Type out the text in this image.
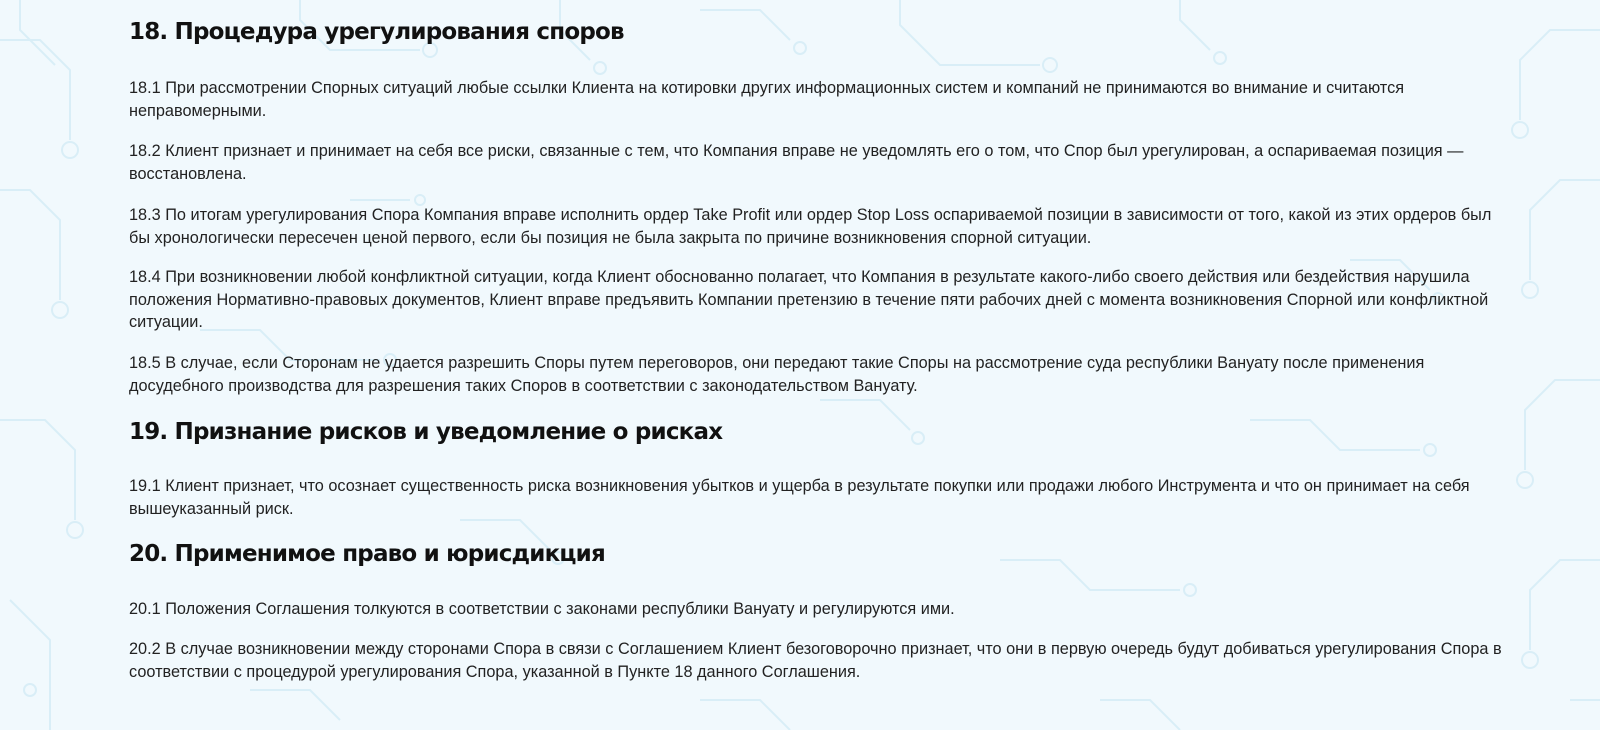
18. Процедура урегулирования споров

18.1 При рассмотрении Спорных ситуаций любые ссылки Клиента на котировки других информационных систем и компаний не принимаются во внимание и считаются неправомерными.

18.2 Клиент признает и принимает на себя все риски, связанные с тем, что Компания вправе не уведомлять его о том, что Спор был урегулирован, а оспариваемая позиция — восстановлена.

18.3 По итогам урегулирования Спора Компания вправе исполнить ордер Take Profit или ордер Stop Loss оспариваемой позиции в зависимости от того, какой из этих ордеров был бы хронологически пересечен ценой первого, если бы позиция не была закрыта по причине возникновения спорной ситуации.

18.4 При возникновении любой конфликтной ситуации, когда Клиент обоснованно полагает, что Компания в результате какого-либо своего действия или бездействия нарушила положения Нормативно-правовых документов, Клиент вправе предъявить Компании претензию в течение пяти рабочих дней с момента возникновения Спорной или конфликтной ситуации.

18.5 В случае, если Сторонам не удается разрешить Споры путем переговоров, они передают такие Споры на рассмотрение суда республики Вануату после применения досудебного производства для разрешения таких Споров в соответствии с законодательством Вануату.

19. Признание рисков и уведомление о рисках

19.1 Клиент признает, что осознает существенность риска возникновения убытков и ущерба в результате покупки или продажи любого Инструмента и что он принимает на себя вышеуказанный риск.

20. Применимое право и юрисдикция

20.1 Положения Соглашения толкуются в соответствии с законами республики Вануату и регулируются ими.

20.2 В случае возникновении между сторонами Спора в связи с Соглашением Клиент безоговорочно признает, что они в первую очередь будут добиваться урегулирования Спора в соответствии с процедурой урегулирования Спора, указанной в Пункте 18 данного Соглашения.
